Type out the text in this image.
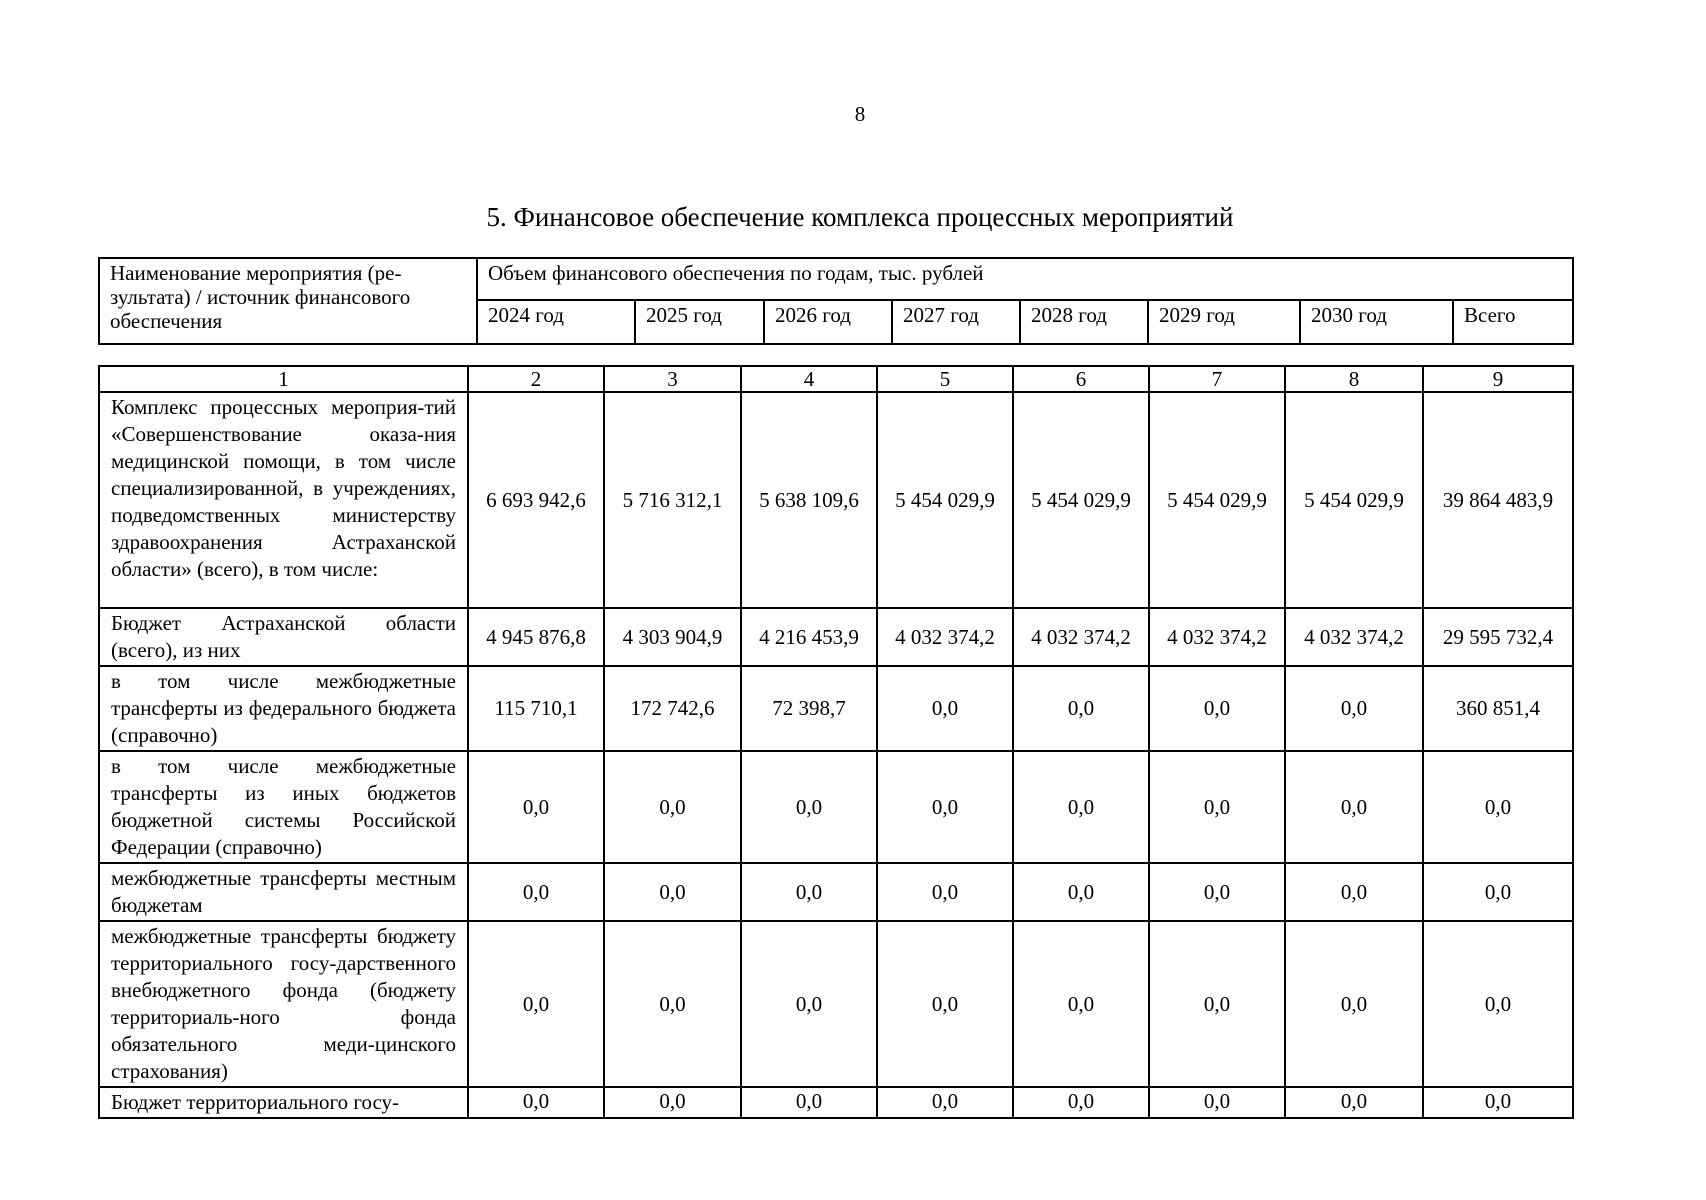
8
5. Финансовое обеспечение комплекса процессных мероприятий
Наименование мероприятия (ре-зультата) / источник финансового обеспечения	Объем финансового обеспечения по годам, тыс. рублей							
	2024 год	2025 год	2026 год	2027 год	2028 год	2029 год	2030 год	Всего
1	2	3	4	5	6	7	8	9
Комплекс процессных мероприя-тий «Совершенствование оказа-ния медицинской помощи, в том числе специализированной, в учреждениях, подведомственных министерству здравоохранения Астраханской области» (всего), в том числе:	6 693 942,6	5 716 312,1	5 638 109,6	5 454 029,9	5 454 029,9	5 454 029,9	5 454 029,9	39 864 483,9
Бюджет Астраханской области (всего), из них	4 945 876,8	4 303 904,9	4 216 453,9	4 032 374,2	4 032 374,2	4 032 374,2	4 032 374,2	29 595 732,4
в том числе межбюджетные трансферты из федерального бюджета (справочно)	115 710,1	172 742,6	72 398,7	0,0	0,0	0,0	0,0	360 851,4
в том числе межбюджетные трансферты из иных бюджетов бюджетной системы Российской Федерации (справочно)	0,0	0,0	0,0	0,0	0,0	0,0	0,0	0,0
межбюджетные трансферты местным бюджетам	0,0	0,0	0,0	0,0	0,0	0,0	0,0	0,0
межбюджетные трансферты бюджету территориального госу-дарственного внебюджетного фонда (бюджету территориаль-ного фонда обязательного меди-цинского страхования)	0,0	0,0	0,0	0,0	0,0	0,0	0,0	0,0
Бюджет территориального госу-	0,0	0,0	0,0	0,0	0,0	0,0	0,0	0,0
